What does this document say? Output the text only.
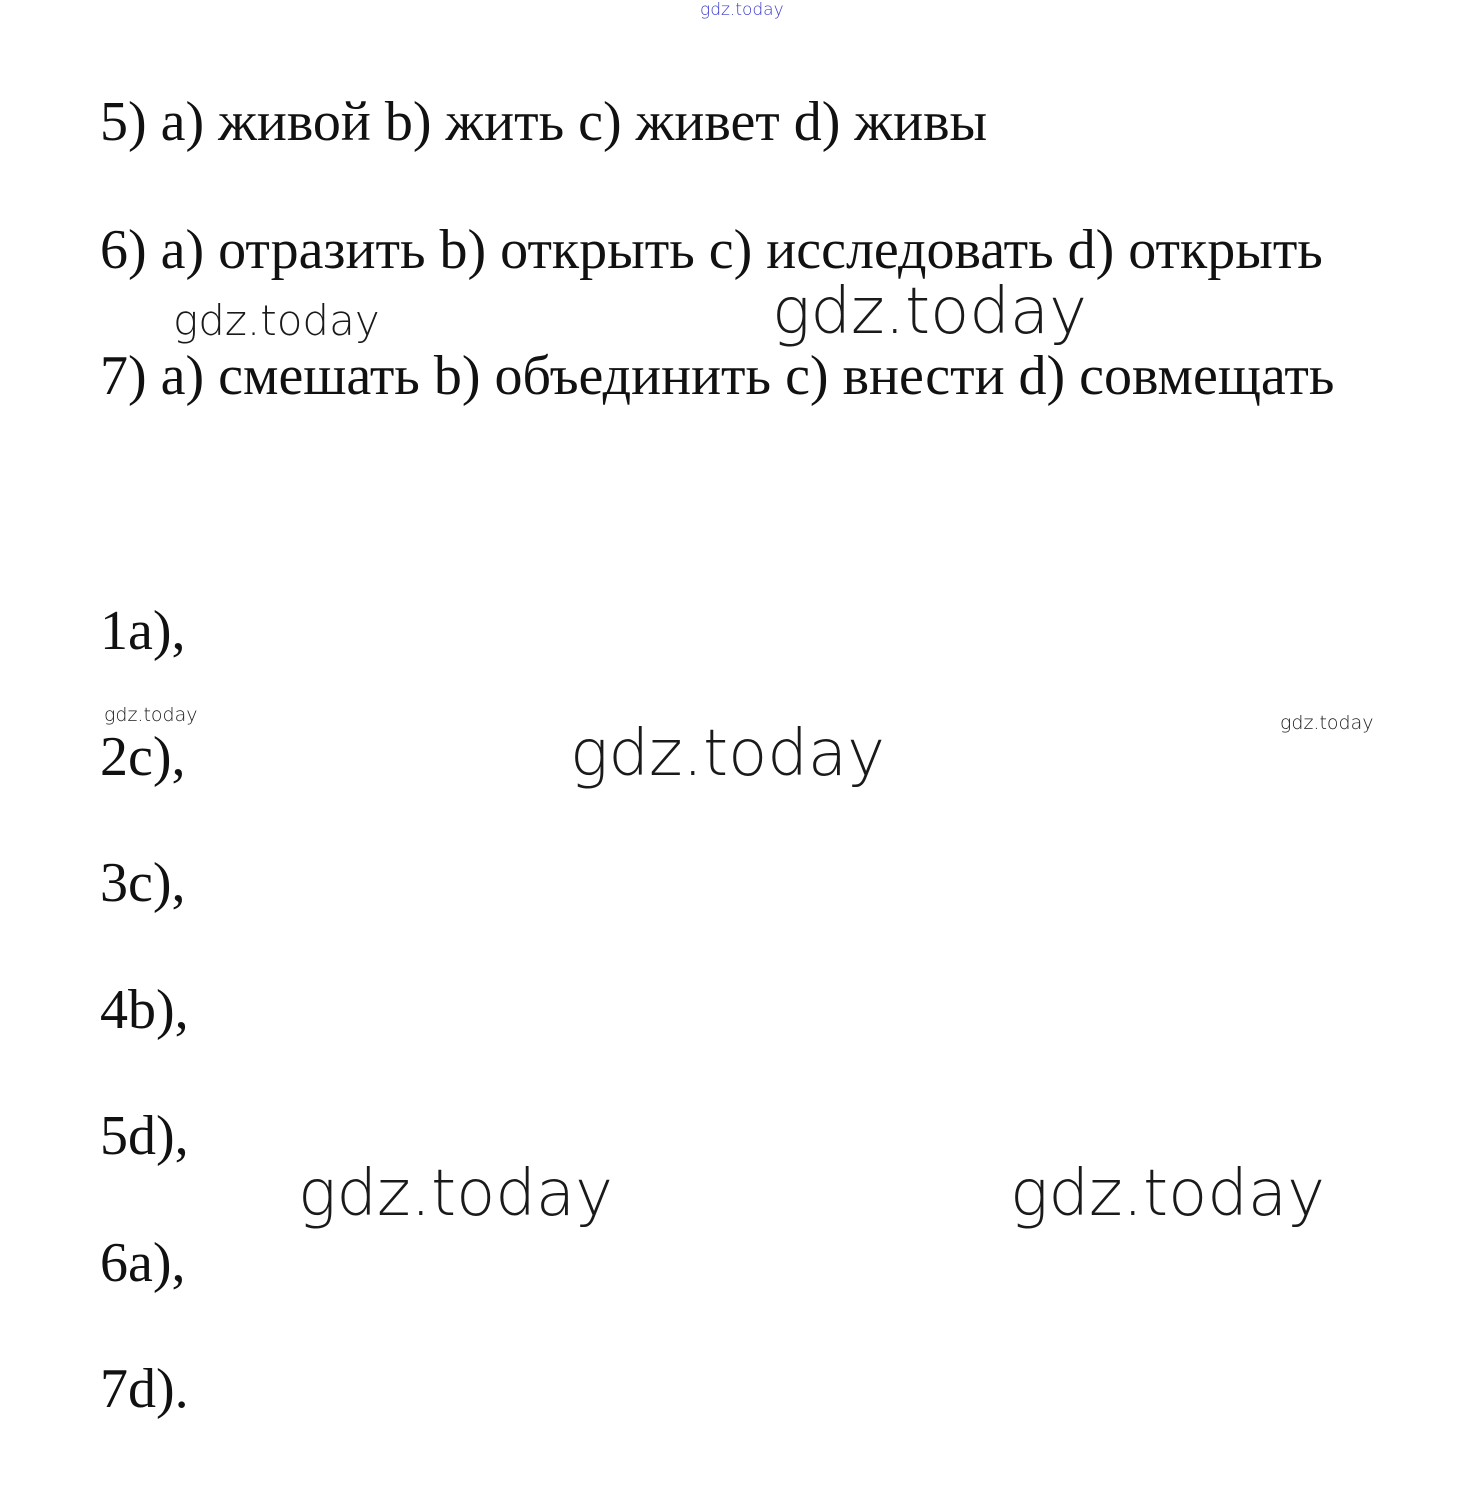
gdz.today
5) a) живой b) жить c) живет d) живы
6) a) отразить b) открыть c) исследовать d) открыть
7) a) смешать b) объединить c) внести d) совмещать
gdz.today	gdz.today
1a),
2c),
3c),
4b),
5d),
6a),
7d).
gdz.today	gdz.today
gdz.today
gdz.today	gdz.today
